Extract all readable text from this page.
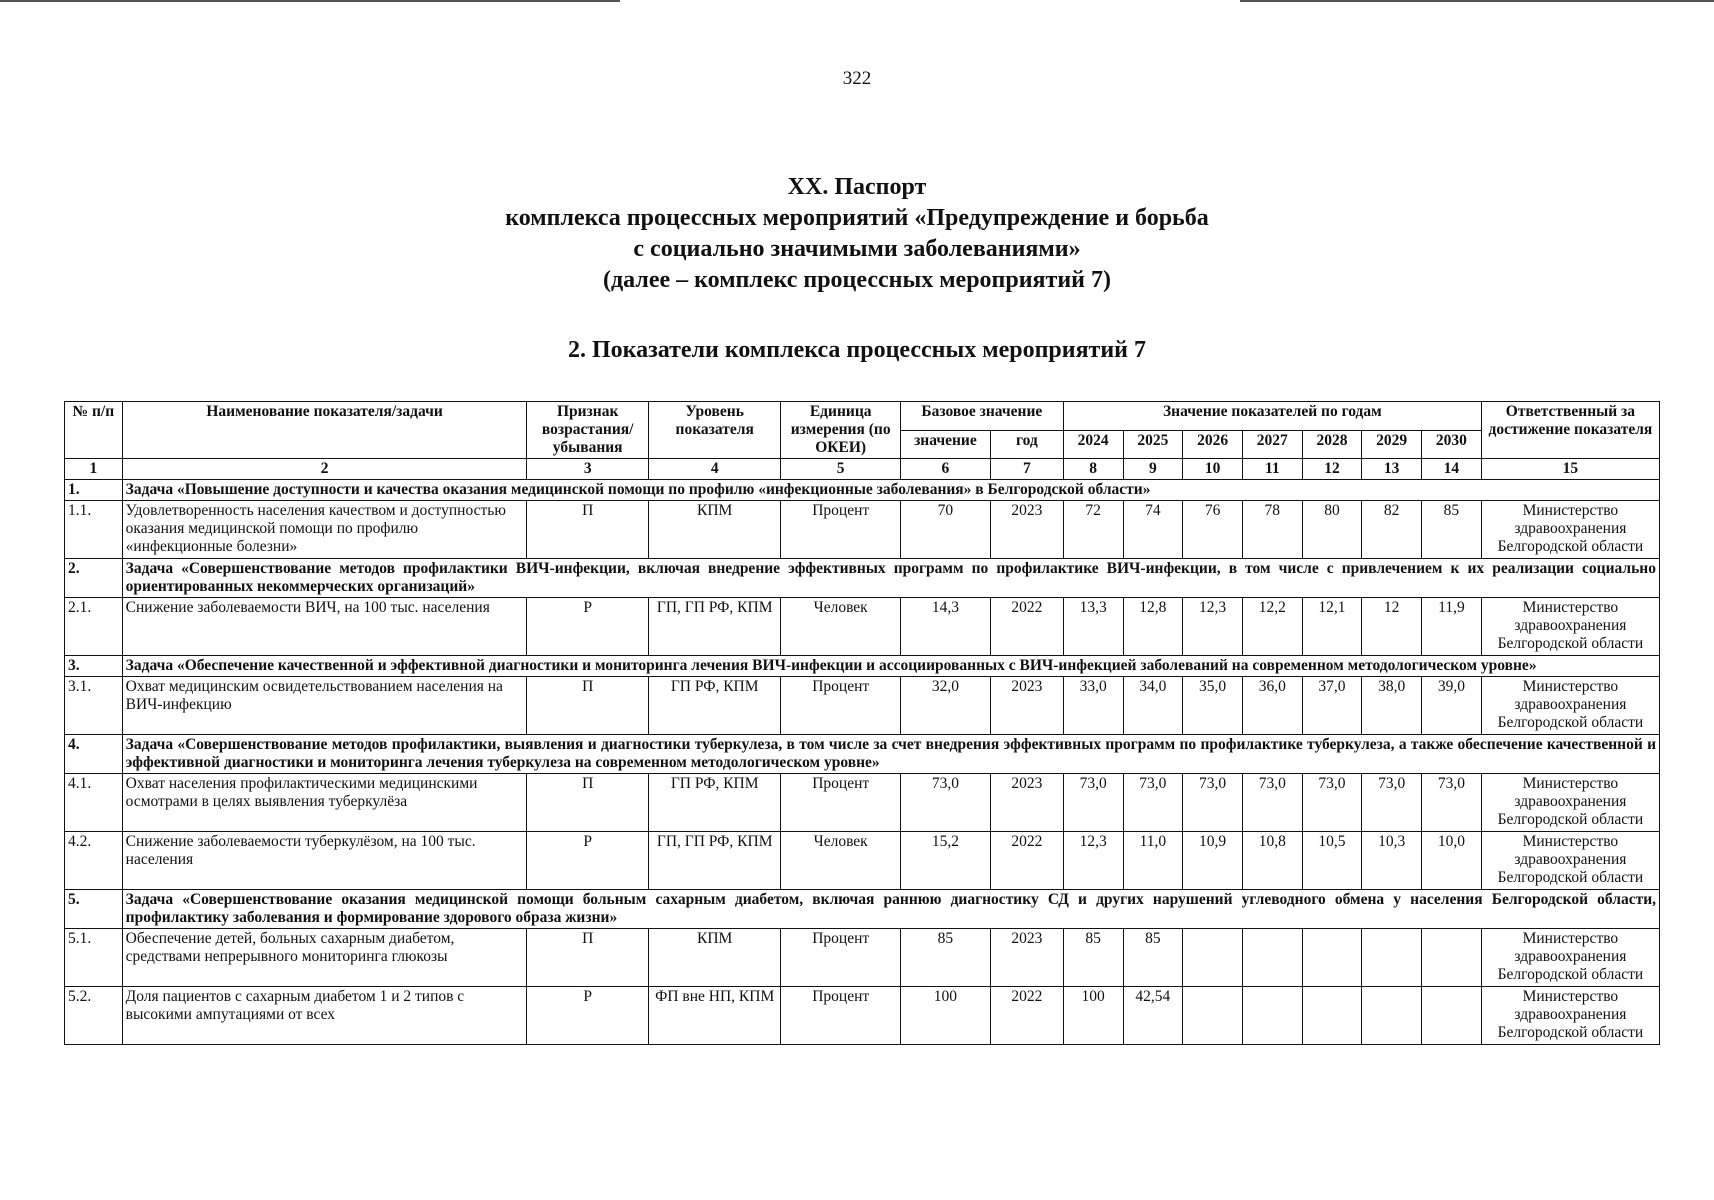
322
XX. Паспорт
комплекса процессных мероприятий «Предупреждение и борьба
с социально значимыми заболеваниями»
(далее – комплекс процессных мероприятий 7)
2. Показатели комплекса процессных мероприятий 7
№ п/п	Наименование показателя/задачи	Признак возрастания/ убывания	Уровень показателя	Единица измерения (по ОКЕИ)	Базовое значение		Значение показателей по годам							Ответственный за достижение показателя
					значение	год	2024	2025	2026	2027	2028	2029	2030	
1	2	3	4	5	6	7	8	9	10	11	12	13	14	15
1.	Задача «Повышение доступности и качества оказания медицинской помощи по профилю «инфекционные заболевания» в Белгородской области»													
1.1.	Удовлетворенность населения качеством и доступностью оказания медицинской помощи по профилю «инфекционные болезни»	П	КПМ	Процент	70	2023	72	74	76	78	80	82	85	Министерство здравоохранения Белгородской области
2.	Задача «Совершенствование методов профилактики ВИЧ-инфекции, включая внедрение эффективных программ по профилактике ВИЧ-инфекции, в том числе с привлечением к их реализации социально ориентированных некоммерческих организаций»													
2.1.	Снижение заболеваемости ВИЧ, на 100 тыс. населения	Р	ГП, ГП РФ, КПМ	Человек	14,3	2022	13,3	12,8	12,3	12,2	12,1	12	11,9	Министерство здравоохранения Белгородской области
3.	Задача «Обеспечение качественной и эффективной диагностики и мониторинга лечения ВИЧ-инфекции и ассоциированных с ВИЧ-инфекцией заболеваний на современном методологическом уровне»													
3.1.	Охват медицинским освидетельствованием населения на ВИЧ-инфекцию	П	ГП РФ, КПМ	Процент	32,0	2023	33,0	34,0	35,0	36,0	37,0	38,0	39,0	Министерство здравоохранения Белгородской области
4.	Задача «Совершенствование методов профилактики, выявления и диагностики туберкулеза, в том числе за счет внедрения эффективных программ по профилактике туберкулеза, а также обеспечение качественной и эффективной диагностики и мониторинга лечения туберкулеза на современном методологическом уровне»													
4.1.	Охват населения профилактическими медицинскими осмотрами в целях выявления туберкулёза	П	ГП РФ, КПМ	Процент	73,0	2023	73,0	73,0	73,0	73,0	73,0	73,0	73,0	Министерство здравоохранения Белгородской области
4.2.	Снижение заболеваемости туберкулёзом, на 100 тыс. населения	Р	ГП, ГП РФ, КПМ	Человек	15,2	2022	12,3	11,0	10,9	10,8	10,5	10,3	10,0	Министерство здравоохранения Белгородской области
5.	Задача «Совершенствование оказания медицинской помощи больным сахарным диабетом, включая раннюю диагностику СД и других нарушений углеводного обмена у населения Белгородской области, профилактику заболевания и формирование здорового образа жизни»													
5.1.	Обеспечение детей, больных сахарным диабетом, средствами непрерывного мониторинга глюкозы	П	КПМ	Процент	85	2023	85	85						Министерство здравоохранения Белгородской области
5.2.	Доля пациентов с сахарным диабетом 1 и 2 типов с высокими ампутациями от всех	Р	ФП вне НП, КПМ	Процент	100	2022	100	42,54						Министерство здравоохранения Белгородской области
